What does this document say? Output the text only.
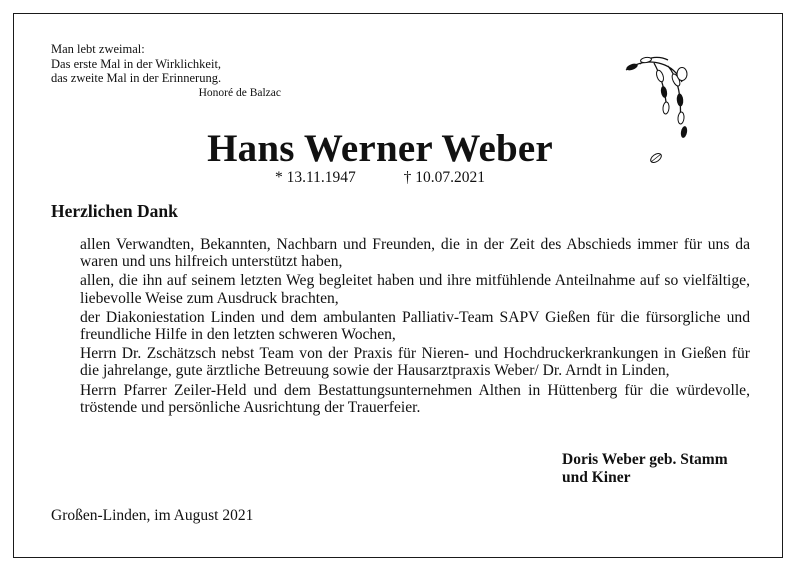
Man lebt zweimal:
Das erste Mal in der Wirklichkeit,
das zweite Mal in der Erinnerung.
Honoré de Balzac
Hans Werner Weber
* 13.11.1947	† 10.07.2021
Herzlichen Dank

allen Verwandten, Bekannten, Nachbarn und Freunden, die in der Zeit des Abschieds immer für uns da waren und uns hilfreich unterstützt haben,

allen, die ihn auf seinem letzten Weg begleitet haben und ihre mitfühlende Anteilnahme auf so vielfältige, liebevolle Weise zum Ausdruck brachten,

der Diakoniestation Linden und dem ambulanten Palliativ-Team SAPV Gießen für die fürsorgliche und freundliche Hilfe in den letzten schweren Wochen,

Herrn Dr. Zschätzsch nebst Team von der Praxis für Nieren- und Hochdruckerkrankungen in Gießen für die jahrelange, gute ärztliche Betreuung sowie der Hausarztpraxis Weber/ Dr. Arndt in Linden,

Herrn Pfarrer Zeiler-Held und dem Bestattungsunternehmen Althen in Hüttenberg für die würdevolle, tröstende und persönliche Ausrichtung der Trauerfeier.

Doris Weber geb. Stamm
und Kiner
Großen-Linden, im August 2021
